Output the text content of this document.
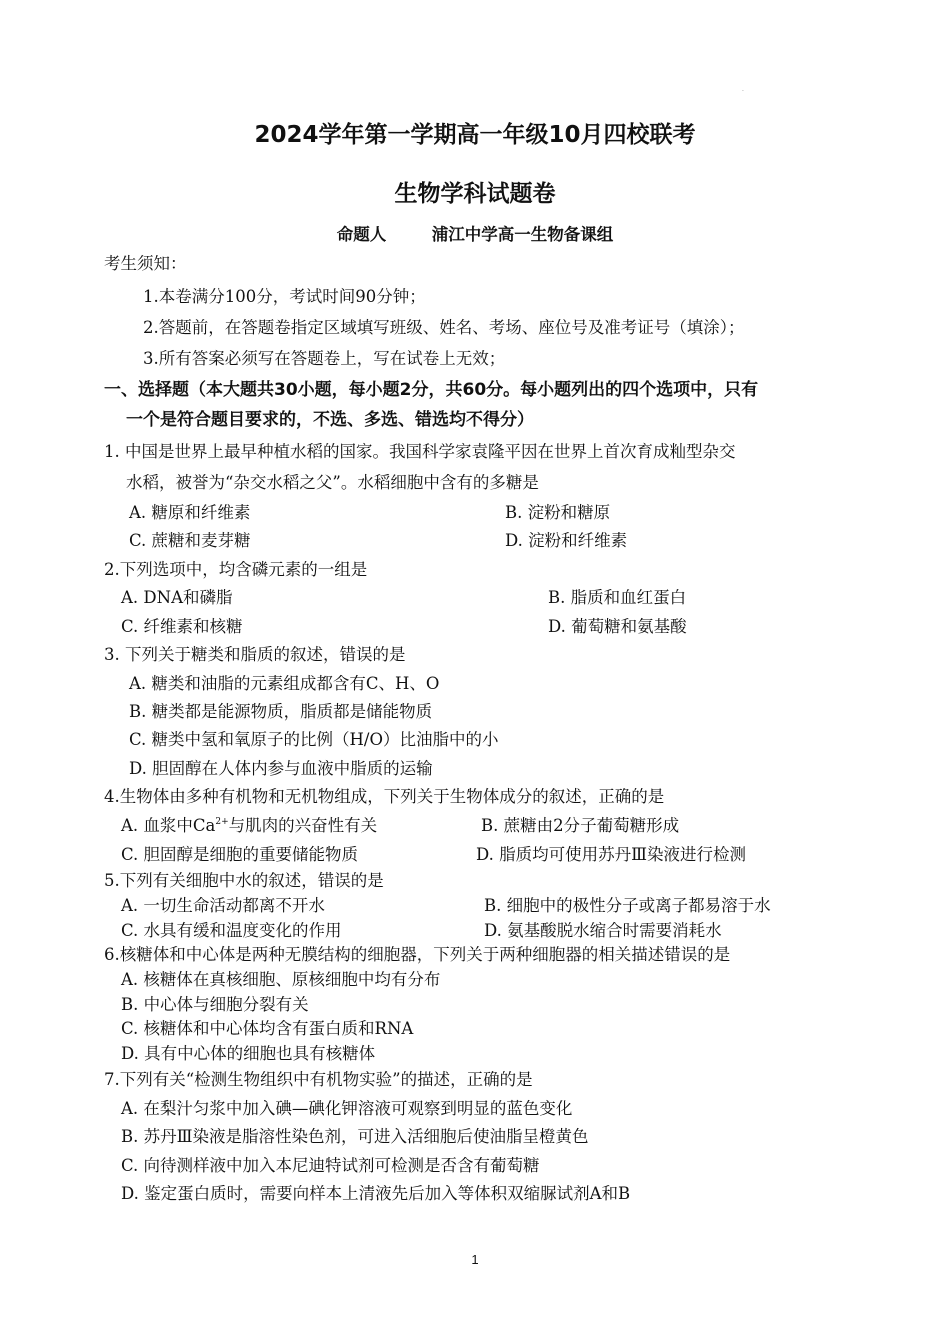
·
2024学年第一学期高一年级10月四校联考
生物学科试题卷
命题人	浦江中学高一生物备课组
考生须知：
1.本卷满分100分，考试时间90分钟；
2.答题前，在答题卷指定区域填写班级、姓名、考场、座位号及准考证号（填涂）；
3.所有答案必须写在答题卷上，写在试卷上无效；
一、选择题（本大题共30小题，每小题2分，共60分。每小题列出的四个选项中，只有
一个是符合题目要求的，不选、多选、错选均不得分）
1. 中国是世界上最早种植水稻的国家。我国科学家袁隆平因在世界上首次育成籼型杂交
水稻，被誉为“杂交水稻之父”。水稻细胞中含有的多糖是
A. 糖原和纤维素	B. 淀粉和糖原
C. 蔗糖和麦芽糖	D. 淀粉和纤维素
2.下列选项中，均含磷元素的一组是
A. DNA和磷脂	B. 脂质和血红蛋白
C. 纤维素和核糖	D. 葡萄糖和氨基酸
3. 下列关于糖类和脂质的叙述，错误的是
A. 糖类和油脂的元素组成都含有C、H、O
B. 糖类都是能源物质，脂质都是储能物质
C. 糖类中氢和氧原子的比例（H/O）比油脂中的小
D. 胆固醇在人体内参与血液中脂质的运输
4.生物体由多种有机物和无机物组成，下列关于生物体成分的叙述，正确的是
A. 血浆中$Ca^{2+}$与肌肉的兴奋性有关	B. 蔗糖由2分子葡萄糖形成
C. 胆固醇是细胞的重要储能物质	D. 脂质均可使用苏丹Ⅲ染液进行检测
5.下列有关细胞中水的叙述，错误的是
A. 一切生命活动都离不开水	B. 细胞中的极性分子或离子都易溶于水
C. 水具有缓和温度变化的作用	D. 氨基酸脱水缩合时需要消耗水
6.核糖体和中心体是两种无膜结构的细胞器，下列关于两种细胞器的相关描述错误的是
A. 核糖体在真核细胞、原核细胞中均有分布
B. 中心体与细胞分裂有关
C. 核糖体和中心体均含有蛋白质和RNA
D. 具有中心体的细胞也具有核糖体
7.下列有关“检测生物组织中有机物实验”的描述，正确的是
A. 在梨汁匀浆中加入碘—碘化钾溶液可观察到明显的蓝色变化
B. 苏丹Ⅲ染液是脂溶性染色剂，可进入活细胞后使油脂呈橙黄色
C. 向待测样液中加入本尼迪特试剂可检测是否含有葡萄糖
D. 鉴定蛋白质时，需要向样本上清液先后加入等体积双缩脲试剂A和B
1
